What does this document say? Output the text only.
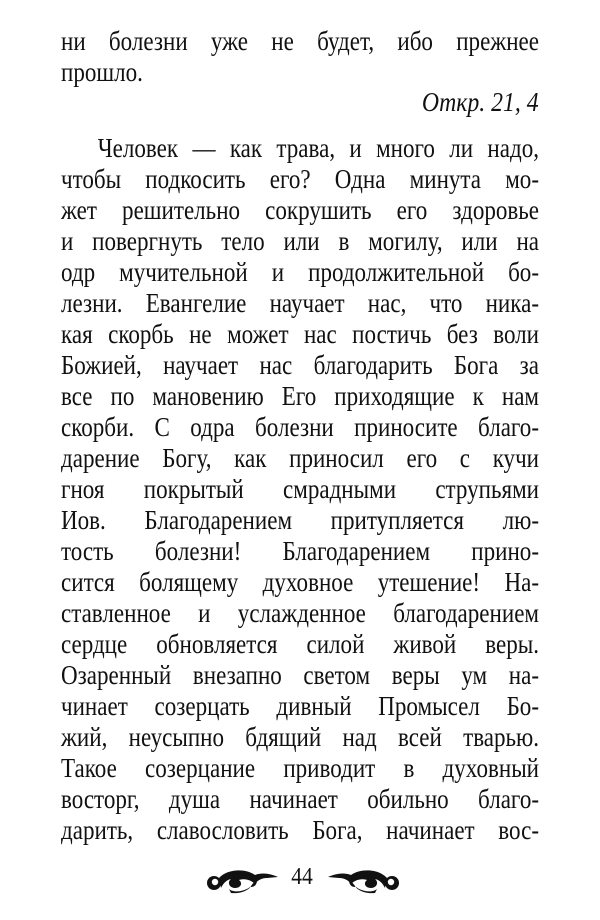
ни болезни уже не будет, ибо прежнее
прошло.
Откр. 21, 4
Человек — как трава, и много ли надо,
чтобы подкосить его? Одна минута мо-
жет решительно сокрушить его здоровье
и повергнуть тело или в могилу, или на
одр мучительной и продолжительной бо-
лезни. Евангелие научает нас, что ника-
кая скорбь не может нас постичь без воли
Божией, научает нас благодарить Бога за
все по мановению Его приходящие к нам
скорби. С одра болезни приносите благо-
дарение Богу, как приносил его с кучи
гноя покрытый смрадными струпьями
Иов. Благодарением притупляется лю-
тость болезни! Благодарением прино-
сится болящему духовное утешение! На-
ставленное и услажденное благодарением
сердце обновляется силой живой веры.
Озаренный внезапно светом веры ум на-
чинает созерцать дивный Промысел Бо-
жий, неусыпно бдящий над всей тварью.
Такое созерцание приводит в духовный
восторг, душа начинает обильно благо-
дарить, славословить Бога, начинает вос-
44
